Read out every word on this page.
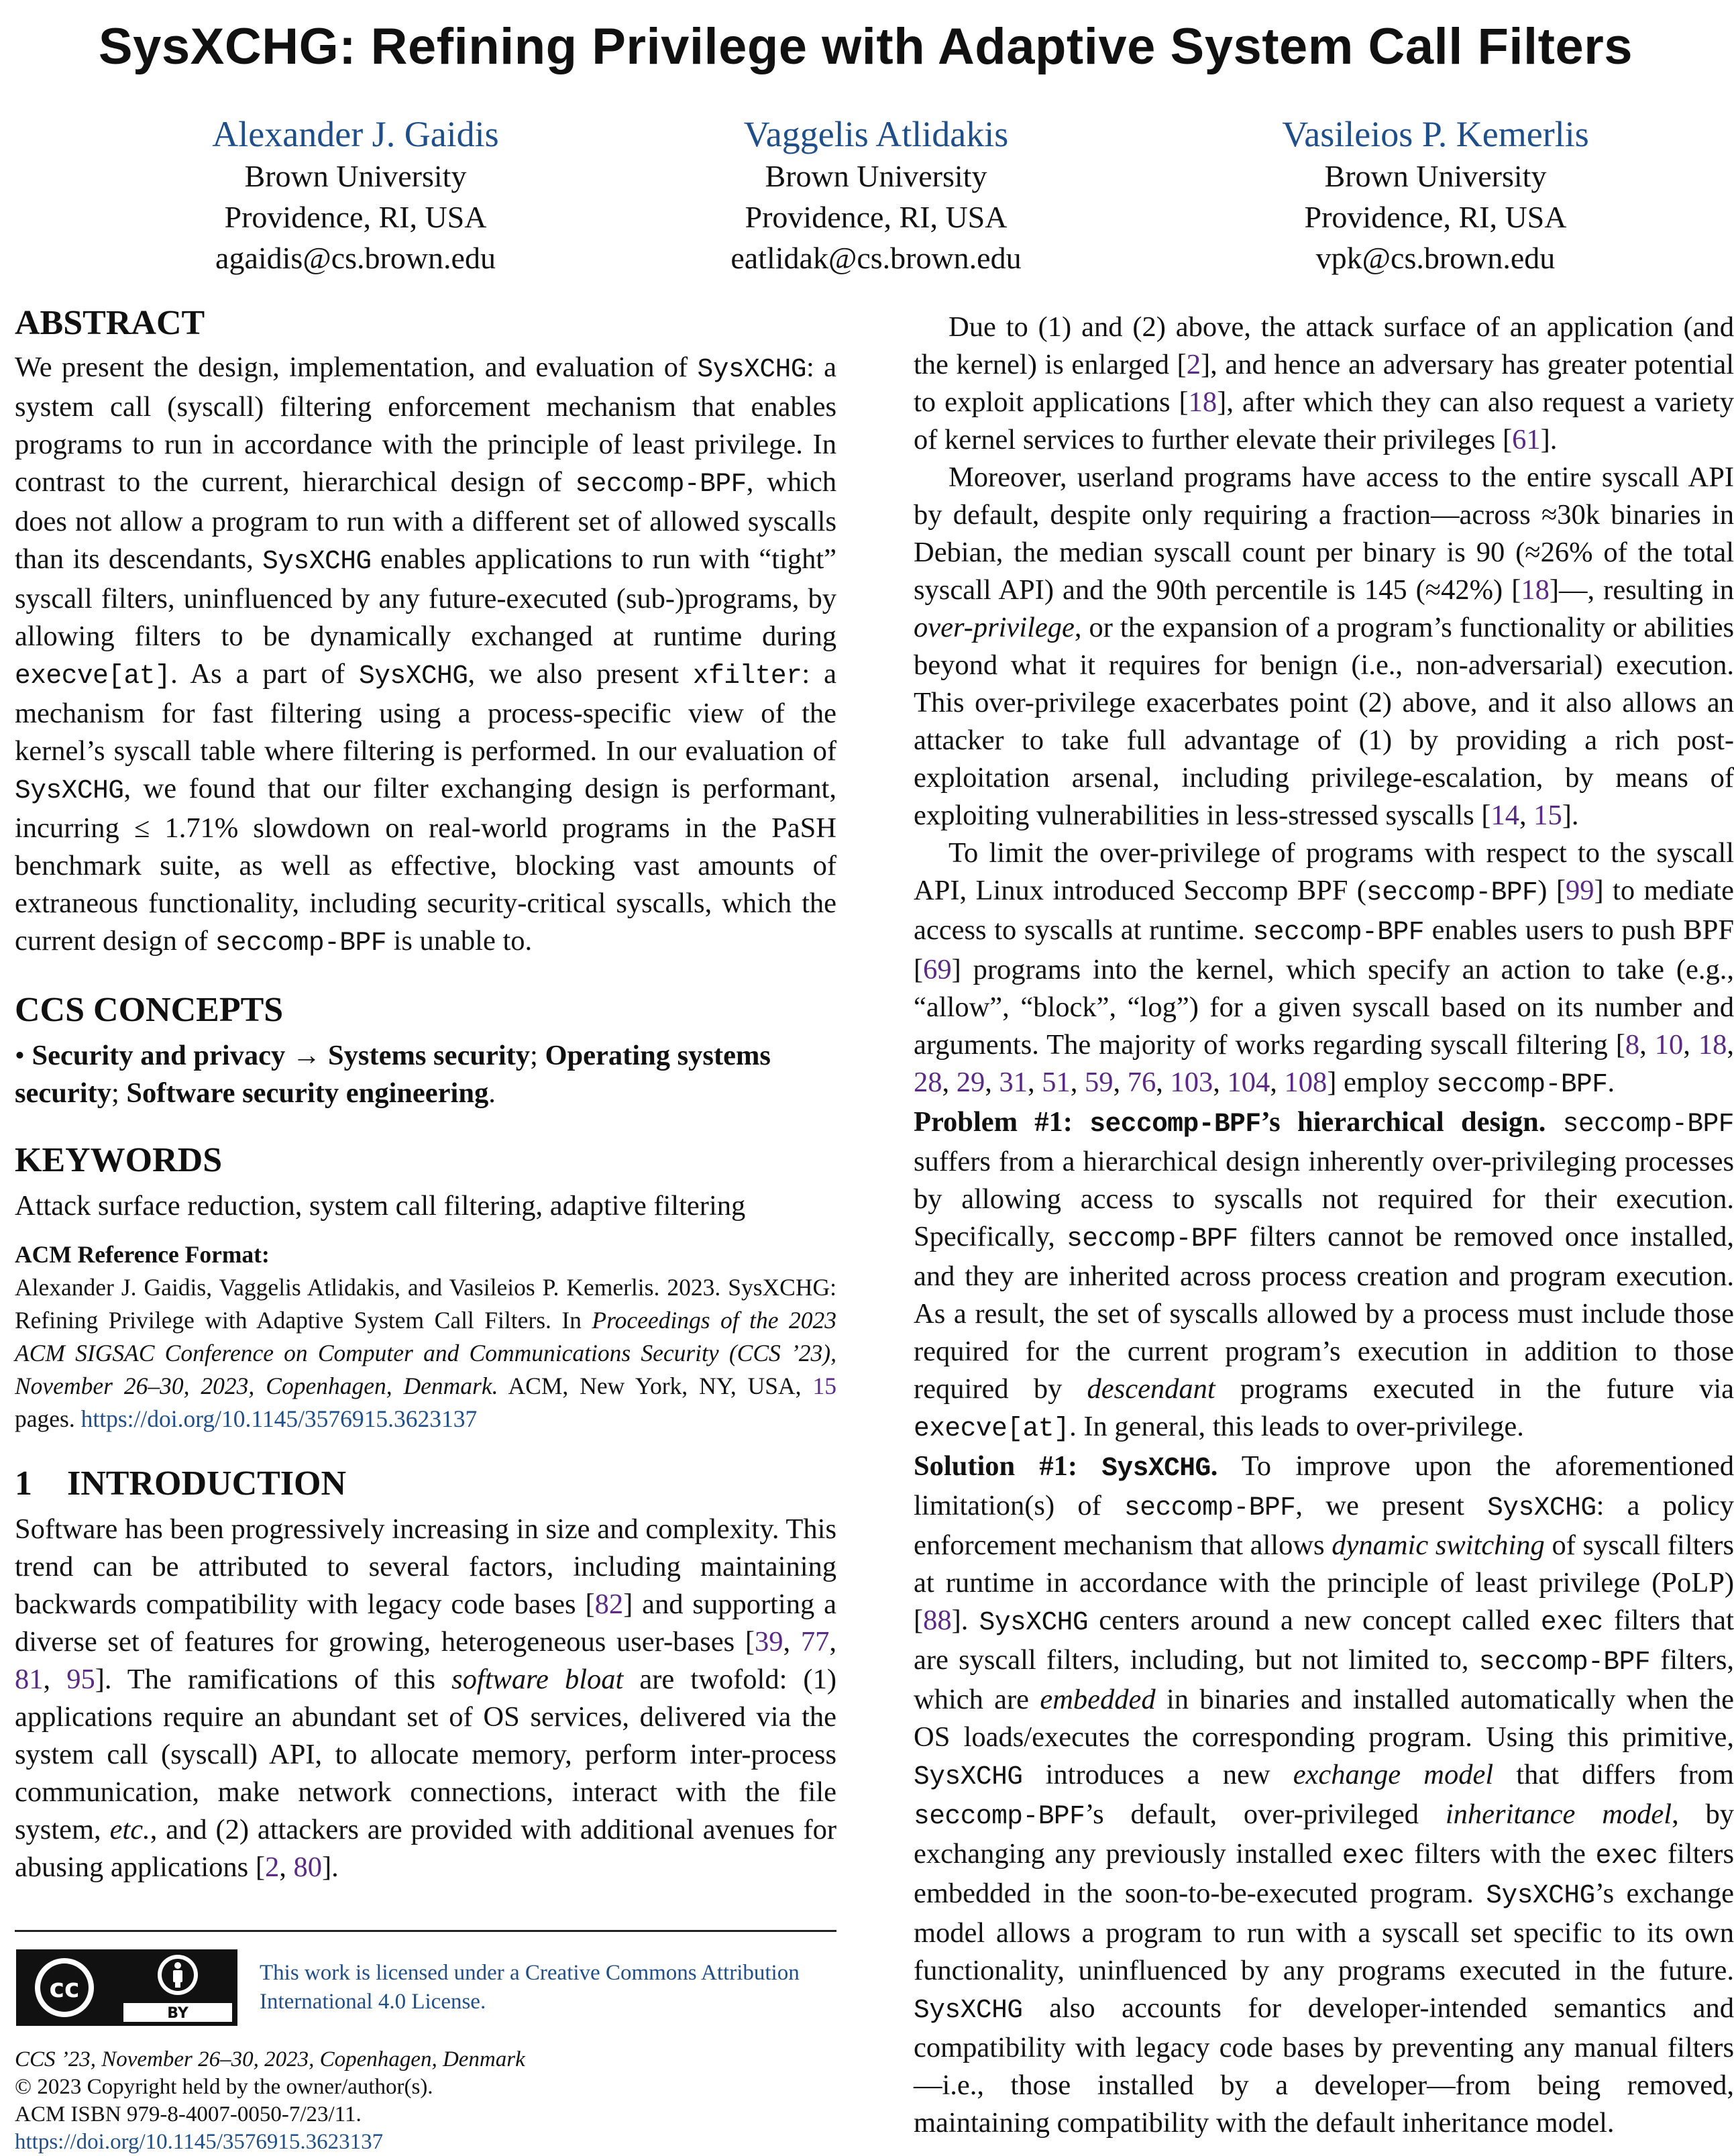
SysXCHG: Refining Privilege with Adaptive System Call Filters
Alexander J. Gaidis
Brown University
Providence, RI, USA
agaidis@cs.brown.edu
Vaggelis Atlidakis
Brown University
Providence, RI, USA
eatlidak@cs.brown.edu
Vasileios P. Kemerlis
Brown University
Providence, RI, USA
vpk@cs.brown.edu
ABSTRACT

We present the design, implementation, and evaluation of SysXCHG: a system call (syscall) filtering enforcement mechanism that enables programs to run in accordance with the principle of least privilege. In contrast to the current, hierarchical design of seccomp-BPF, which does not allow a program to run with a different set of allowed syscalls than its descendants, SysXCHG enables applications to run with “tight” syscall filters, uninfluenced by any future-executed (sub-)programs, by allowing filters to be dynamically exchanged at runtime during execve[at]. As a part of SysXCHG, we also present xfilter: a mechanism for fast filtering using a process-specific view of the kernel’s syscall table where filtering is performed. In our evaluation of SysXCHG, we found that our filter exchanging design is performant, incurring ≤ 1.71% slowdown on real-world programs in the PaSH benchmark suite, as well as effective, blocking vast amounts of extraneous functionality, including security-critical syscalls, which the current design of seccomp-BPF is unable to.

CCS CONCEPTS

• Security and privacy → Systems security; Operating systems security; Software security engineering.

KEYWORDS

Attack surface reduction, system call filtering, adaptive filtering

ACM Reference Format:
Alexander J. Gaidis, Vaggelis Atlidakis, and Vasileios P. Kemerlis. 2023. SysXCHG: Refining Privilege with Adaptive System Call Filters. In Proceedings of the 2023 ACM SIGSAC Conference on Computer and Communications Security (CCS ’23), November 26–30, 2023, Copenhagen, Denmark. ACM, New York, NY, USA, 15 pages. https://doi.org/10.1145/3576915.3623137
1    INTRODUCTION

Software has been progressively increasing in size and complexity. This trend can be attributed to several factors, including maintaining backwards compatibility with legacy code bases [82] and supporting a diverse set of features for growing, heterogeneous user-bases [39, 77, 81, 95]. The ramifications of this software bloat are twofold: (1) applications require an abundant set of OS services, delivered via the system call (syscall) API, to allocate memory, perform inter-process communication, make network connections, interact with the file system, etc., and (2) attackers are provided with additional avenues for abusing applications [2, 80].

cc
BY
This work is licensed under a Creative Commons Attribution International 4.0 License.
CCS ’23, November 26–30, 2023, Copenhagen, Denmark
© 2023 Copyright held by the owner/author(s).
ACM ISBN 979-8-4007-0050-7/23/11.
https://doi.org/10.1145/3576915.3623137

Due to (1) and (2) above, the attack surface of an application (and the kernel) is enlarged [2], and hence an adversary has greater potential to exploit applications [18], after which they can also request a variety of kernel services to further elevate their privileges [61].

Moreover, userland programs have access to the entire syscall API by default, despite only requiring a fraction—across ≈30k binaries in Debian, the median syscall count per binary is 90 (≈26% of the total syscall API) and the 90th percentile is 145 (≈42%) [18]—, resulting in over-privilege, or the expansion of a program’s functionality or abilities beyond what it requires for benign (i.e., non-adversarial) execution. This over-privilege exacerbates point (2) above, and it also allows an attacker to take full advantage of (1) by providing a rich post-exploitation arsenal, including privilege-escalation, by means of exploiting vulnerabilities in less-stressed syscalls [14, 15].

To limit the over-privilege of programs with respect to the syscall API, Linux introduced Seccomp BPF (seccomp-BPF) [99] to mediate access to syscalls at runtime. seccomp-BPF enables users to push BPF [69] programs into the kernel, which specify an action to take (e.g., “allow”, “block”, “log”) for a given syscall based on its number and arguments. The majority of works regarding syscall filtering [8, 10, 18, 28, 29, 31, 51, 59, 76, 103, 104, 108] employ seccomp-BPF.

Problem #1: seccomp-BPF’s hierarchical design. seccomp-BPF suffers from a hierarchical design inherently over-privileging processes by allowing access to syscalls not required for their execution. Specifically, seccomp-BPF filters cannot be removed once installed, and they are inherited across process creation and program execution. As a result, the set of syscalls allowed by a process must include those required for the current program’s execution in addition to those required by descendant programs executed in the future via execve[at]. In general, this leads to over-privilege.

Solution #1: SysXCHG. To improve upon the aforementioned limitation(s) of seccomp-BPF, we present SysXCHG: a policy enforcement mechanism that allows dynamic switching of syscall filters at runtime in accordance with the principle of least privilege (PoLP) [88]. SysXCHG centers around a new concept called exec filters that are syscall filters, including, but not limited to, seccomp-BPF filters, which are embedded in binaries and installed automatically when the OS loads/executes the corresponding program. Using this primitive, SysXCHG introduces a new exchange model that differs from seccomp-BPF’s default, over-privileged inheritance model, by exchanging any previously installed exec filters with the exec filters embedded in the soon-to-be-executed program. SysXCHG’s exchange model allows a program to run with a syscall set specific to its own functionality, uninfluenced by any programs executed in the future. SysXCHG also accounts for developer-intended semantics and compatibility with legacy code bases by preventing any manual filters—i.e., those installed by a developer—from being removed, maintaining compatibility with the default inheritance model.
